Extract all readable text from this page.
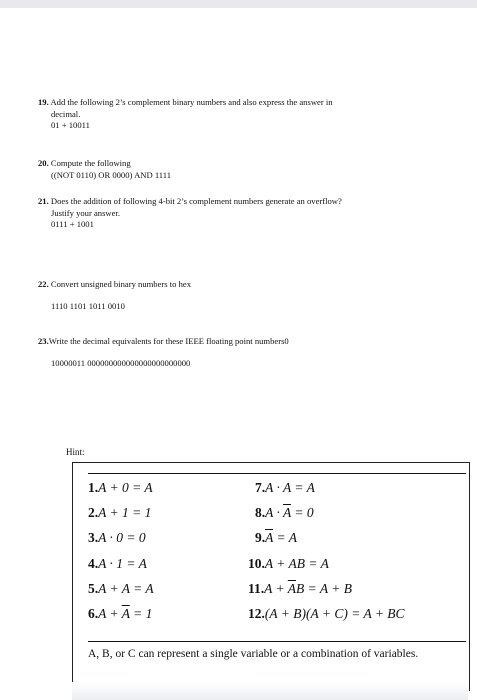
19. Add the following 2’s complement binary numbers and also express the answer in
decimal.
01 + 10011
20. Compute the following
((NOT 0110) OR 0000) AND 1111
21. Does the addition of following 4-bit 2’s complement numbers generate an overflow?
Justify your answer.
0111 + 1001
22. Convert unsigned binary numbers to hex
1110 1101 1011 0010
23.Write the decimal equivalents for these IEEE floating point numbers0
10000011 000000000000000000000000
Hint:
1.A + 0 = A
2.A + 1 = 1
3.A · 0 = 0
4.A · 1 = A
5.A + A = A
$6.A + \overline{A} = 1$
7.A · A = A
$8.A \cdot \overline{A} = 0$
$9.\overline{A} = A$
10.A + AB = A
$11.A + \overline{A}B = A + B$
12.(A + B)(A + C) = A + BC
A, B, or C can represent a single variable or a combination of variables.
